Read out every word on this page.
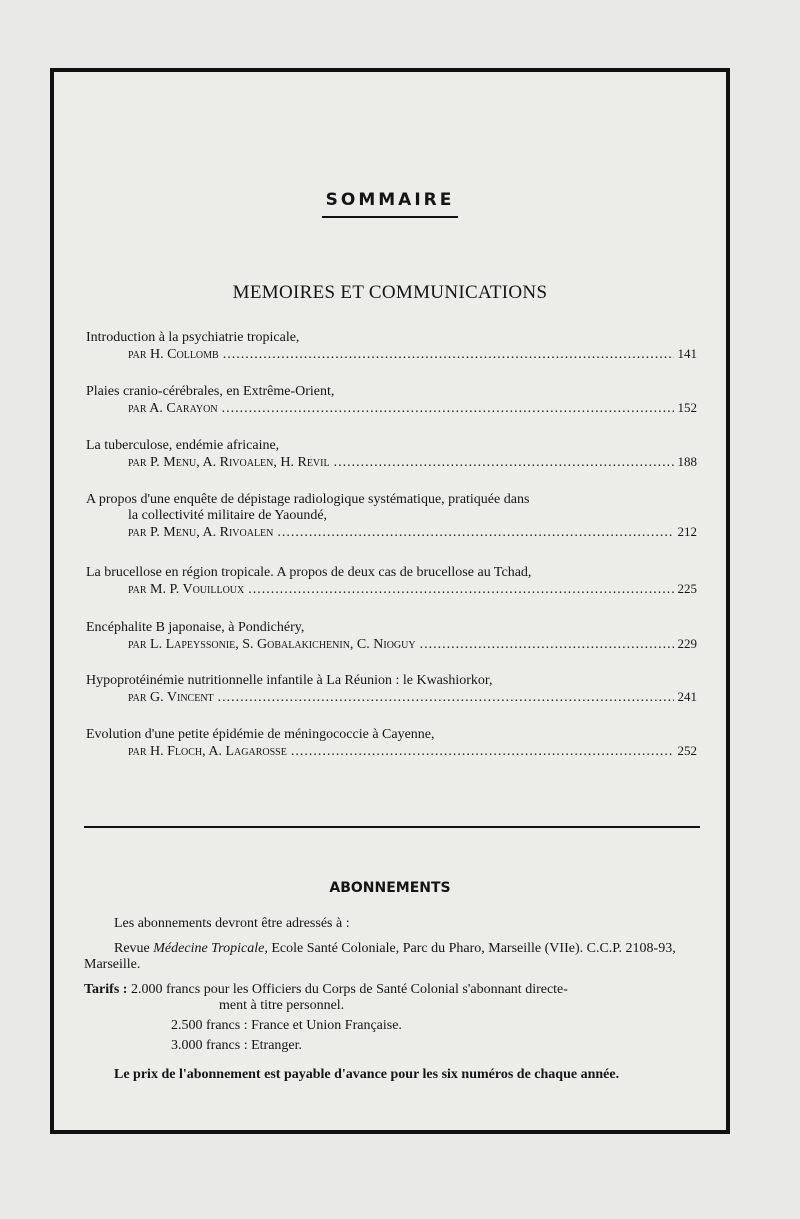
SOMMAIRE
MEMOIRES ET COMMUNICATIONS

Introduction à la psychiatrie tropicale,

par H. Collomb .....	141

Plaies cranio-cérébrales, en Extrême-Orient,

par A. Carayon .....	152

La tuberculose, endémie africaine,

par P. Menu, A. Rivoalen, H. Revil .....	188

A propos d'une enquête de dépistage radiologique systématique, pratiquée dans

la collectivité militaire de Yaoundé,

par P. Menu, A. Rivoalen .....	212

La brucellose en région tropicale. A propos de deux cas de brucellose au Tchad,

par M. P. Vouilloux .....	225

Encéphalite B japonaise, à Pondichéry,

par L. Lapeyssonie, S. Gobalakichenin, C. Nioguy .....	229

Hypoprotéinémie nutritionnelle infantile à La Réunion : le Kwashiorkor,

par G. Vincent .....	241

Evolution d'une petite épidémie de méningococcie à Cayenne,

par H. Floch, A. Lagarosse .....	252
ABONNEMENTS

Les abonnements devront être adressés à :

Revue Médecine Tropicale, Ecole Santé Coloniale, Parc du Pharo, Marseille (VIIe). C.C.P. 2108-93, Marseille.

Tarifs : 2.000 francs pour les Officiers du Corps de Santé Colonial s'abonnant directe-
ment à titre personnel.

2.500 francs : France et Union Française.

3.000 francs : Etranger.

Le prix de l'abonnement est payable d'avance pour les six numéros de chaque année.
